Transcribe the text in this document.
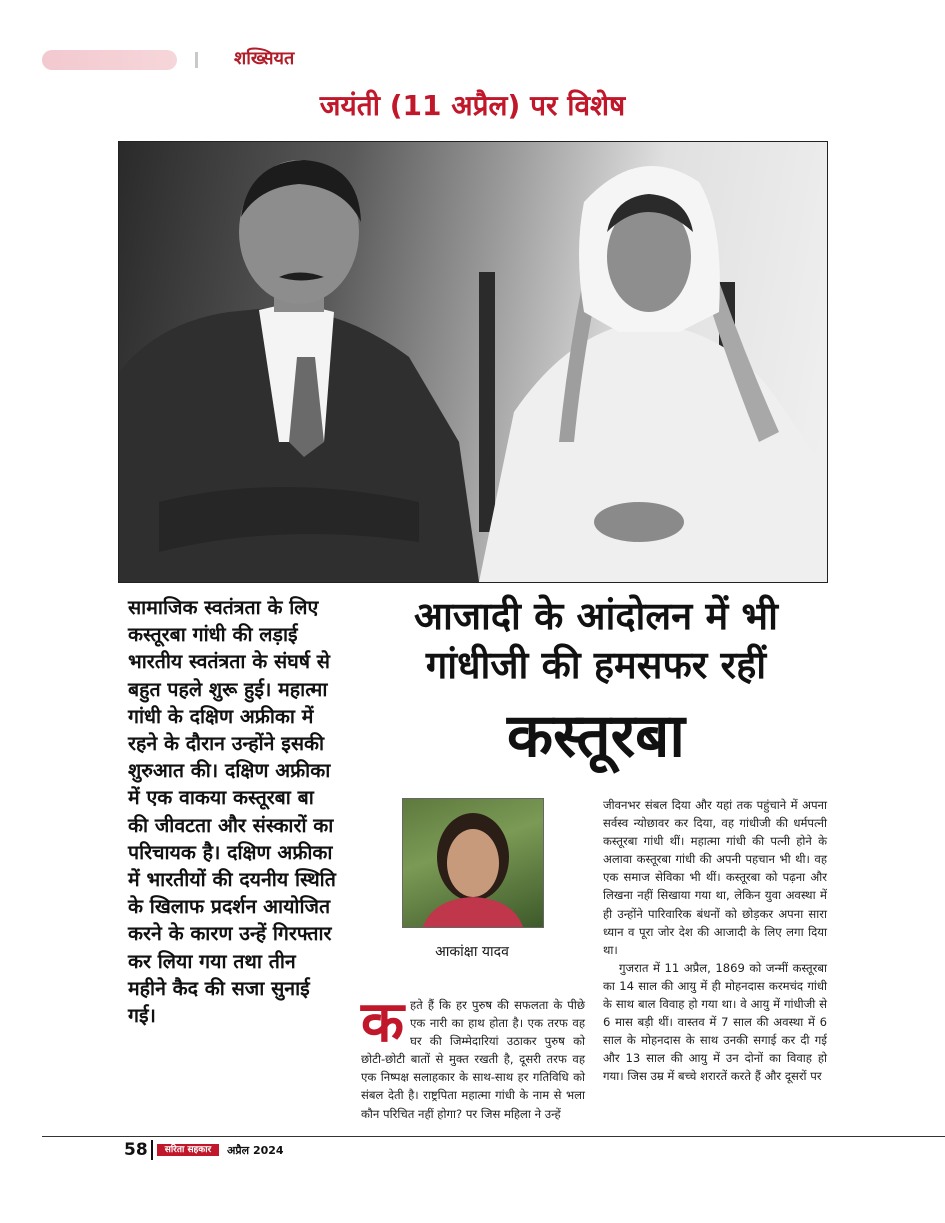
शख्सियत
जयंती (11 अप्रैल) पर विशेष
सामाजिक स्वतंत्रता के लिए कस्तूरबा गांधी की लड़ाई भारतीय स्वतंत्रता के संघर्ष से बहुत पहले शुरू हुई। महात्मा गांधी के दक्षिण अफ्रीका में रहने के दौरान उन्होंने इसकी शुरुआत की। दक्षिण अफ्रीका में एक वाकया कस्तूरबा बा की जीवटता और संस्कारों का परिचायक है। दक्षिण अफ्रीका में भारतीयों की दयनीय स्थिति के खिलाफ प्रदर्शन आयोजित करने के कारण उन्हें गिरफ्तार कर लिया गया तथा तीन महीने कैद की सजा सुनाई गई।
आजादी के आंदोलन में भी
गांधीजी की हमसफर रहीं
कस्तूरबा
आकांक्षा यादव
क हते हैं कि हर पुरुष की सफलता के पीछे एक नारी का हाथ होता है। एक तरफ वह घर की जिम्मेदारियां उठाकर पुरुष को छोटी-छोटी बातों से मुक्त रखती है, दूसरी तरफ वह एक निष्पक्ष सलाहकार के साथ-साथ हर गतिविधि को संबल देती है। राष्ट्रपिता महात्मा गांधी के नाम से भला कौन परिचित नहीं होगा? पर जिस महिला ने उन्हें
जीवनभर संबल दिया और यहां तक पहुंचाने में अपना सर्वस्व न्योछावर कर दिया, वह गांधीजी की धर्मपत्नी कस्तूरबा गांधी थीं। महात्मा गांधी की पत्नी होने के अलावा कस्तूरबा गांधी की अपनी पहचान भी थी। वह एक समाज सेविका भी थीं। कस्तूरबा को पढ़ना और लिखना नहीं सिखाया गया था, लेकिन युवा अवस्था में ही उन्होंने पारिवारिक बंधनों को छोड़कर अपना सारा ध्यान व पूरा जोर देश की आजादी के लिए लगा दिया था।
गुजरात में 11 अप्रैल, 1869 को जन्मीं कस्तूरबा का 14 साल की आयु में ही मोहनदास करमचंद गांधी के साथ बाल विवाह हो गया था। वे आयु में गांधीजी से 6 मास बड़ी थीं। वास्तव में 7 साल की अवस्था में 6 साल के मोहनदास के साथ उनकी सगाई कर दी गई और 13 साल की आयु में उन दोनों का विवाह हो गया। जिस उम्र में बच्चे शरारतें करते हैं और दूसरों पर
58	सरिता सहकार	अप्रैल 2024
